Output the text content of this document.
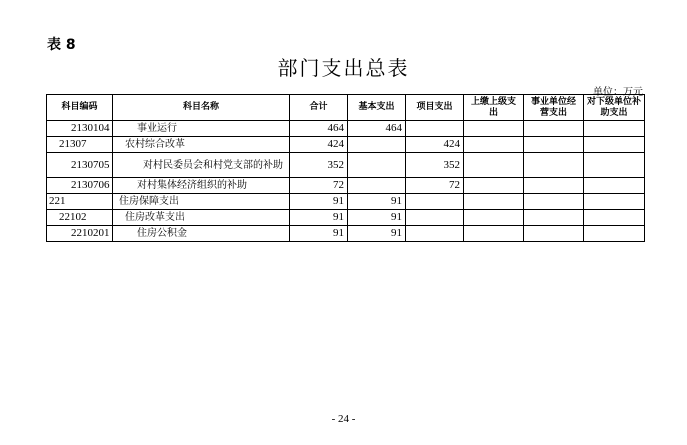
表 8
部门支出总表
单位：万元
科目编码	科目名称	合计	基本支出	项目支出	上缴上级支出	事业单位经营支出	对下级单位补助支出
2130104	事业运行	464	464				
21307	农村综合改革	424		424			
2130705	对村民委员会和村党支部的补助	352		352			
2130706	对村集体经济组织的补助	72		72			
221	住房保障支出	91	91				
22102	住房改革支出	91	91				
2210201	住房公积金	91	91				
- 24 -
